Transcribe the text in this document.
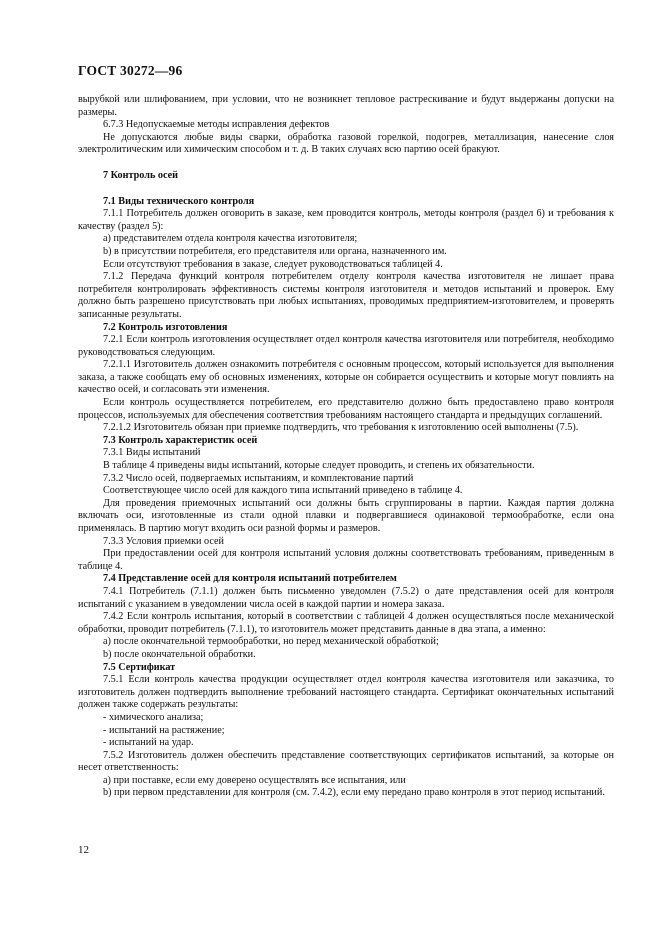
ГОСТ 30272—96

вырубкой или шлифованием, при условии, что не возникнет тепловое растрескивание и будут выдержаны допуски на размеры.

6.7.3 Недопускаемые методы исправления дефектов

Не допускаются любые виды сварки, обработка газовой горелкой, подогрев, металлизация, нанесение слоя электролитическим или химическим способом и т. д. В таких случаях всю партию осей бракуют.

7 Контроль осей

7.1 Виды технического контроля

7.1.1 Потребитель должен оговорить в заказе, кем проводится контроль, методы контроля (раздел 6) и требования к качеству (раздел 5):

a) представителем отдела контроля качества изготовителя;

b) в присутствии потребителя, его представителя или органа, назначенного им.

Если отсутствуют требования в заказе, следует руководствоваться таблицей 4.

7.1.2 Передача функций контроля потребителем отделу контроля качества изготовителя не лишает права потребителя контролировать эффективность системы контроля изготовителя и методов испытаний и проверок. Ему должно быть разрешено присутствовать при любых испытаниях, проводимых предприятием-изготовителем, и проверять записанные результаты.

7.2 Контроль изготовления

7.2.1 Если контроль изготовления осуществляет отдел контроля качества изготовителя или потребителя, необходимо руководствоваться следующим.

7.2.1.1 Изготовитель должен ознакомить потребителя с основным процессом, который используется для выполнения заказа, а также сообщать ему об основных изменениях, которые он собирается осуществить и которые могут повлиять на качество осей, и согласовать эти изменения.

Если контроль осуществляется потребителем, его представителю должно быть предоставлено право контроля процессов, используемых для обеспечения соответствия требованиям настоящего стандарта и предыдущих соглашений.

7.2.1.2 Изготовитель обязан при приемке подтвердить, что требования к изготовлению осей выполнены (7.5).

7.3 Контроль характеристик осей

7.3.1 Виды испытаний

В таблице 4 приведены виды испытаний, которые следует проводить, и степень их обязательности.

7.3.2 Число осей, подвергаемых испытаниям, и комплектование партий

Соответствующее число осей для каждого типа испытаний приведено в таблице 4.

Для проведения приемочных испытаний оси должны быть сгруппированы в партии. Каждая партия должна включать оси, изготовленные из стали одной плавки и подвергавшиеся одинаковой термообработке, если она применялась. В партию могут входить оси разной формы и размеров.

7.3.3 Условия приемки осей

При предоставлении осей для контроля испытаний условия должны соответствовать требованиям, приведенным в таблице 4.

7.4 Представление осей для контроля испытаний потребителем

7.4.1 Потребитель (7.1.1) должен быть письменно уведомлен (7.5.2) о дате представления осей для контроля испытаний с указанием в уведомлении числа осей в каждой партии и номера заказа.

7.4.2 Если контроль испытания, который в соответствии с таблицей 4 должен осуществляться после механической обработки, проводит потребитель (7.1.1), то изготовитель может представить данные в два этапа, а именно:

a) после окончательной термообработки, но перед механической обработкой;

b) после окончательной обработки.

7.5 Сертификат

7.5.1 Если контроль качества продукции осуществляет отдел контроля качества изготовителя или заказчика, то изготовитель должен подтвердить выполнение требований настоящего стандарта. Сертификат окончательных испытаний должен также содержать результаты:

- химического анализа;

- испытаний на растяжение;

- испытаний на удар.

7.5.2 Изготовитель должен обеспечить представление соответствующих сертификатов испытаний, за которые он несет ответственность:

a) при поставке, если ему доверено осуществлять все испытания, или

b) при первом представлении для контроля (см. 7.4.2), если ему передано право контроля в этот период испытаний.

12
